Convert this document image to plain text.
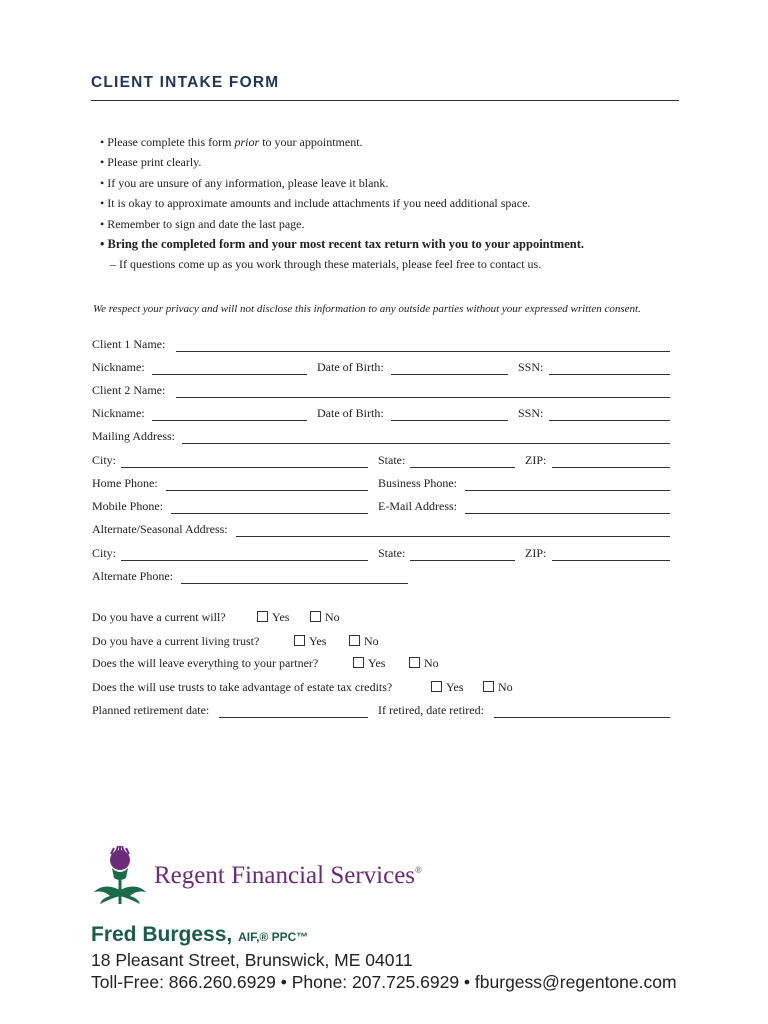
CLIENT INTAKE FORM
• Please complete this form prior to your appointment.
• Please print clearly.
• If you are unsure of any information, please leave it blank.
• It is okay to approximate amounts and include attachments if you need additional space.
• Remember to sign and date the last page.
• Bring the completed form and your most recent tax return with you to your appointment.
– If questions come up as you work through these materials, please feel free to contact us.
We respect your privacy and will not disclose this information to any outside parties without your expressed written consent.
Client 1 Name:
Nickname:	Date of Birth:	SSN:
Client 2 Name:
Nickname:	Date of Birth:	SSN:
Mailing Address:
City:	State:	ZIP:
Home Phone:	Business Phone:
Mobile Phone:	E-Mail Address:
Alternate/Seasonal Address:
City:	State:	ZIP:
Alternate Phone:
Do you have a current will?	Yes	No
Do you have a current living trust?	Yes	No
Does the will leave everything to your partner?	Yes	No
Does the will use trusts to take advantage of estate tax credits?	Yes	No
Planned retirement date:	If retired, date retired:
Regent Financial Services®
Fred Burgess, AIF,® PPC™
18 Pleasant Street, Brunswick, ME 04011
Toll-Free: 866.260.6929 • Phone: 207.725.6929 • fburgess@regentone.com
